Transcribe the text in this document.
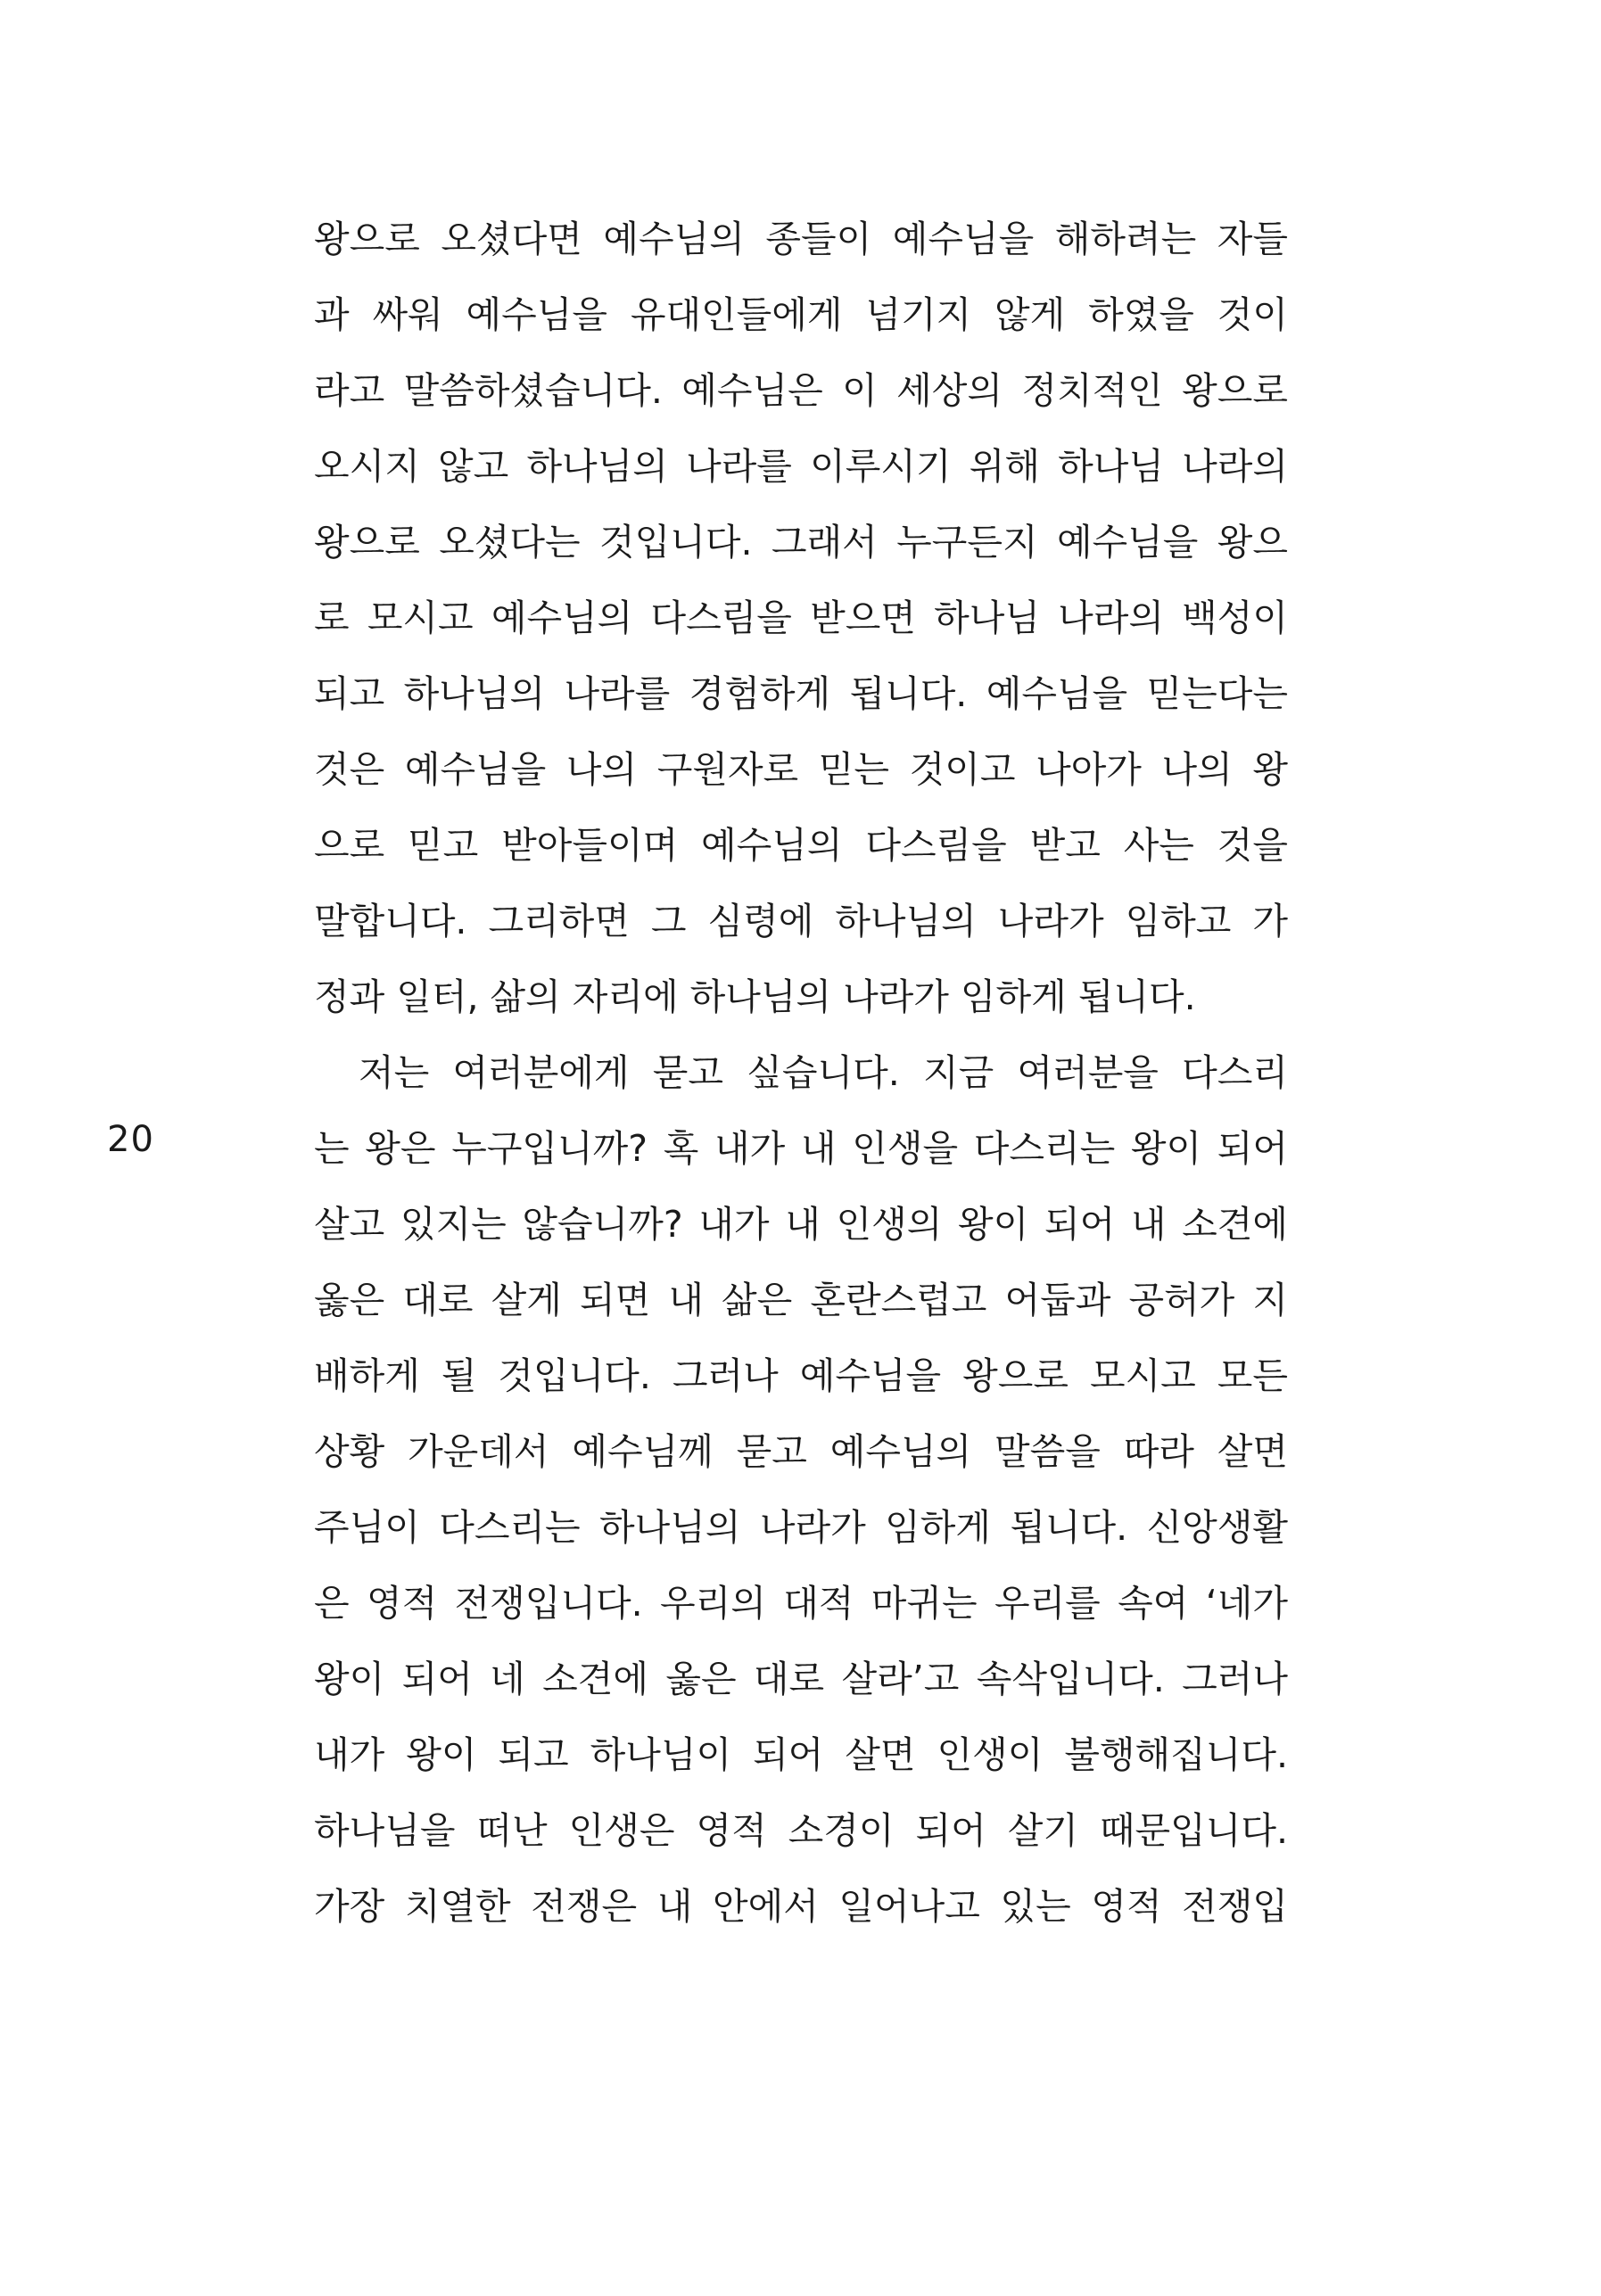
20
왕으로 오셨다면 예수님의 종들이 예수님을 해하려는 자들
과 싸워 예수님을 유대인들에게 넘기지 않게 하였을 것이
라고 말씀하셨습니다. 예수님은 이 세상의 정치적인 왕으로
오시지 않고 하나님의 나라를 이루시기 위해 하나님 나라의
왕으로 오셨다는 것입니다. 그래서 누구든지 예수님을 왕으
로 모시고 예수님의 다스림을 받으면 하나님 나라의 백성이
되고 하나님의 나라를 경험하게 됩니다. 예수님을 믿는다는
것은 예수님을 나의 구원자로 믿는 것이고 나아가 나의 왕
으로 믿고 받아들이며 예수님의 다스림을 받고 사는 것을
말합니다. 그리하면 그 심령에 하나님의 나라가 임하고 가
정과 일터, 삶의 자리에 하나님의 나라가 임하게 됩니다.
저는 여러분에게 묻고 싶습니다. 지금 여러분을 다스리
는 왕은 누구입니까? 혹 내가 내 인생을 다스리는 왕이 되어
살고 있지는 않습니까? 내가 내 인생의 왕이 되어 내 소견에
옳은 대로 살게 되면 내 삶은 혼란스럽고 어둡과 공허가 지
배하게 될 것입니다. 그러나 예수님을 왕으로 모시고 모든
상황 가운데서 예수님께 묻고 예수님의 말씀을 따라 살면
주님이 다스리는 하나님의 나라가 임하게 됩니다. 신앙생활
은 영적 전쟁입니다. 우리의 대적 마귀는 우리를 속여 ‘네가
왕이 되어 네 소견에 옳은 대로 살라’고 속삭입니다. 그러나
내가 왕이 되고 하나님이 되어 살면 인생이 불행해집니다.
하나님을 떠난 인생은 영적 소경이 되어 살기 때문입니다.
가장 치열한 전쟁은 내 안에서 일어나고 있는 영적 전쟁입
